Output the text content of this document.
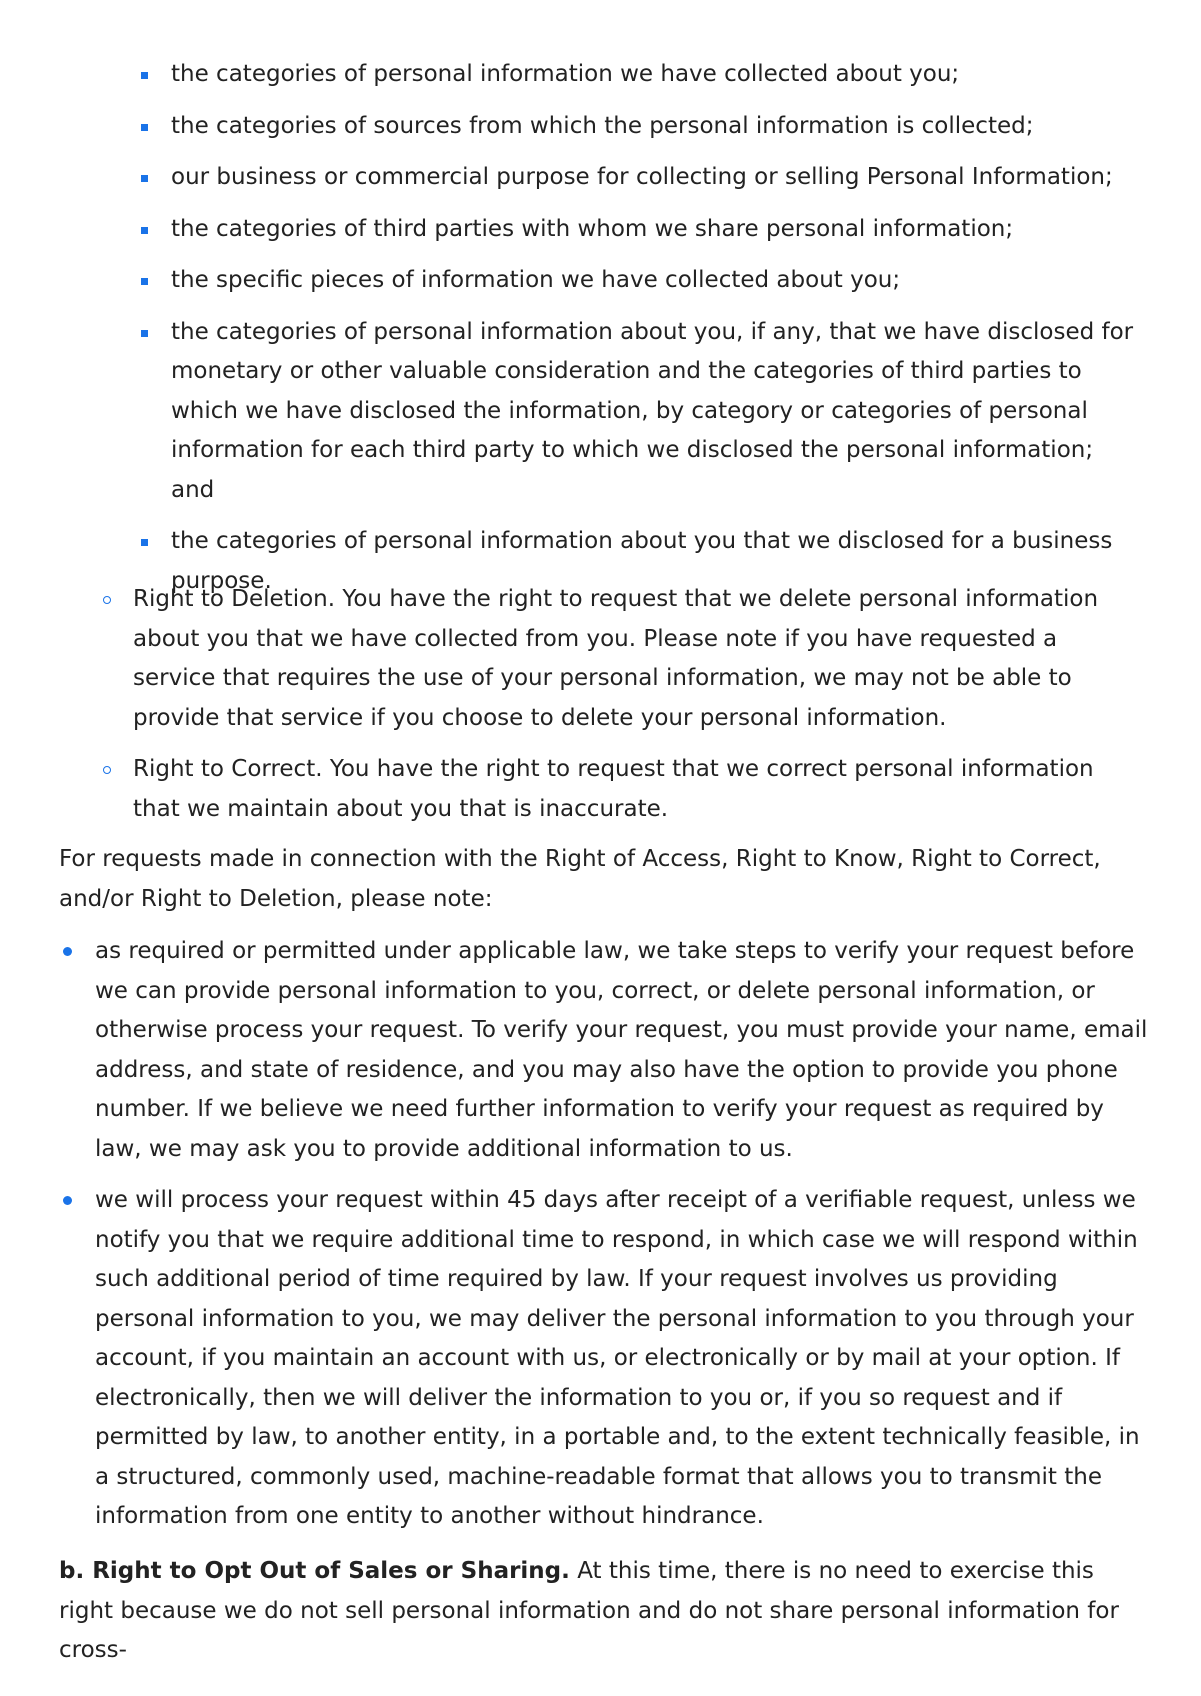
the categories of personal information we have collected about you;
the categories of sources from which the personal information is collected;
our business or commercial purpose for collecting or selling Personal Information;
the categories of third parties with whom we share personal information;
the specific pieces of information we have collected about you;
the categories of personal information about you, if any, that we have disclosed for monetary or other valuable consideration and the categories of third parties to which we have disclosed the information, by category or categories of personal information for each third party to which we disclosed the personal information; and
the categories of personal information about you that we disclosed for a business purpose.
Right to Deletion. You have the right to request that we delete personal information about you that we have collected from you. Please note if you have requested a service that requires the use of your personal information, we may not be able to provide that service if you choose to delete your personal information.
Right to Correct. You have the right to request that we correct personal information that we maintain about you that is inaccurate.

For requests made in connection with the Right of Access, Right to Know, Right to Correct, and/or Right to Deletion, please note:

as required or permitted under applicable law, we take steps to verify your request before we can provide personal information to you, correct, or delete personal information, or otherwise process your request. To verify your request, you must provide your name, email address, and state of residence, and you may also have the option to provide you phone number. If we believe we need further information to verify your request as required by law, we may ask you to provide additional information to us.
we will process your request within 45 days after receipt of a verifiable request, unless we notify you that we require additional time to respond, in which case we will respond within such additional period of time required by law. If your request involves us providing personal information to you, we may deliver the personal information to you through your account, if you maintain an account with us, or electronically or by mail at your option. If electronically, then we will deliver the information to you or, if you so request and if permitted by law, to another entity, in a portable and, to the extent technically feasible, in a structured, commonly used, machine-readable format that allows you to transmit the information from one entity to another without hindrance.

b. Right to Opt Out of Sales or Sharing. At this time, there is no need to exercise this right because we do not sell personal information and do not share personal information for cross-
